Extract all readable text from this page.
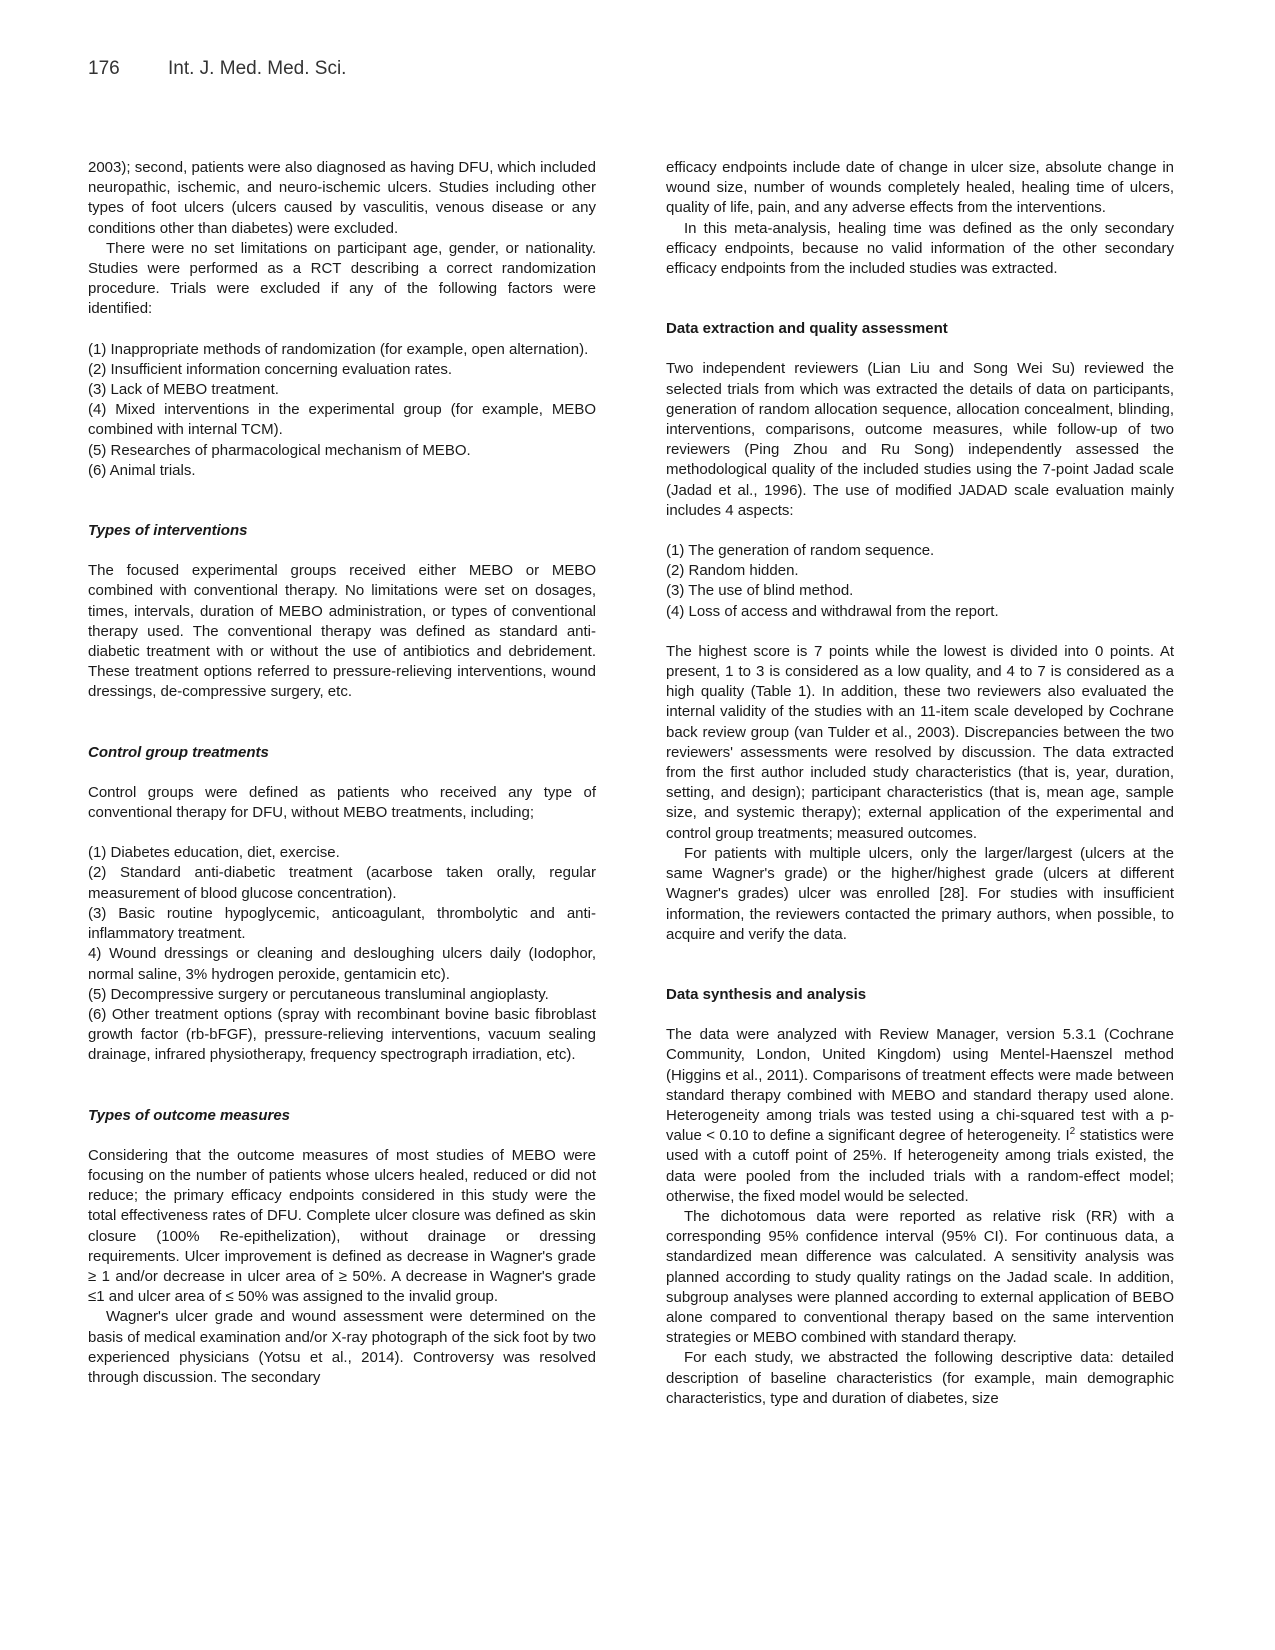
176	Int. J. Med. Med. Sci.

2003); second, patients were also diagnosed as having DFU, which included neuropathic, ischemic, and neuro-ischemic ulcers. Studies including other types of foot ulcers (ulcers caused by vasculitis, venous disease or any conditions other than diabetes) were excluded.

There were no set limitations on participant age, gender, or nationality. Studies were performed as a RCT describing a correct randomization procedure. Trials were excluded if any of the following factors were identified:

(1) Inappropriate methods of randomization (for example, open alternation).

(2) Insufficient information concerning evaluation rates.

(3) Lack of MEBO treatment.

(4) Mixed interventions in the experimental group (for example, MEBO combined with internal TCM).

(5) Researches of pharmacological mechanism of MEBO.

(6) Animal trials.

Types of interventions

The focused experimental groups received either MEBO or MEBO combined with conventional therapy. No limitations were set on dosages, times, intervals, duration of MEBO administration, or types of conventional therapy used. The conventional therapy was defined as standard anti-diabetic treatment with or without the use of antibiotics and debridement. These treatment options referred to pressure-relieving interventions, wound dressings, de-compressive surgery, etc.

Control group treatments

Control groups were defined as patients who received any type of conventional therapy for DFU, without MEBO treatments, including;

(1) Diabetes education, diet, exercise.

(2) Standard anti-diabetic treatment (acarbose taken orally, regular measurement of blood glucose concentration).

(3) Basic routine hypoglycemic, anticoagulant, thrombolytic and anti-inflammatory treatment.

4) Wound dressings or cleaning and desloughing ulcers daily (Iodophor, normal saline, 3% hydrogen peroxide, gentamicin etc).

(5) Decompressive surgery or percutaneous transluminal angioplasty.

(6) Other treatment options (spray with recombinant bovine basic fibroblast growth factor (rb-bFGF), pressure-relieving interventions, vacuum sealing drainage, infrared physiotherapy, frequency spectrograph irradiation, etc).

Types of outcome measures

Considering that the outcome measures of most studies of MEBO were focusing on the number of patients whose ulcers healed, reduced or did not reduce; the primary efficacy endpoints considered in this study were the total effectiveness rates of DFU. Complete ulcer closure was defined as skin closure (100% Re-epithelization), without drainage or dressing requirements. Ulcer improvement is defined as decrease in Wagner's grade ≥ 1 and/or decrease in ulcer area of ≥ 50%. A decrease in Wagner's grade ≤1 and ulcer area of ≤ 50% was assigned to the invalid group.

Wagner's ulcer grade and wound assessment were determined on the basis of medical examination and/or X-ray photograph of the sick foot by two experienced physicians (Yotsu et al., 2014). Controversy was resolved through discussion. The secondary

efficacy endpoints include date of change in ulcer size, absolute change in wound size, number of wounds completely healed, healing time of ulcers, quality of life, pain, and any adverse effects from the interventions.

In this meta-analysis, healing time was defined as the only secondary efficacy endpoints, because no valid information of the other secondary efficacy endpoints from the included studies was extracted.

Data extraction and quality assessment

Two independent reviewers (Lian Liu and Song Wei Su) reviewed the selected trials from which was extracted the details of data on participants, generation of random allocation sequence, allocation concealment, blinding, interventions, comparisons, outcome measures, while follow-up of two reviewers (Ping Zhou and Ru Song) independently assessed the methodological quality of the included studies using the 7-point Jadad scale (Jadad et al., 1996). The use of modified JADAD scale evaluation mainly includes 4 aspects:

(1) The generation of random sequence.

(2) Random hidden.

(3) The use of blind method.

(4) Loss of access and withdrawal from the report.

The highest score is 7 points while the lowest is divided into 0 points. At present, 1 to 3 is considered as a low quality, and 4 to 7 is considered as a high quality (Table 1). In addition, these two reviewers also evaluated the internal validity of the studies with an 11-item scale developed by Cochrane back review group (van Tulder et al., 2003). Discrepancies between the two reviewers' assessments were resolved by discussion. The data extracted from the first author included study characteristics (that is, year, duration, setting, and design); participant characteristics (that is, mean age, sample size, and systemic therapy); external application of the experimental and control group treatments; measured outcomes.

For patients with multiple ulcers, only the larger/largest (ulcers at the same Wagner's grade) or the higher/highest grade (ulcers at different Wagner's grades) ulcer was enrolled [28]. For studies with insufficient information, the reviewers contacted the primary authors, when possible, to acquire and verify the data.

Data synthesis and analysis

The data were analyzed with Review Manager, version 5.3.1 (Cochrane Community, London, United Kingdom) using Mentel-Haenszel method (Higgins et al., 2011). Comparisons of treatment effects were made between standard therapy combined with MEBO and standard therapy used alone. Heterogeneity among trials was tested using a chi-squared test with a p-value < 0.10 to define a significant degree of heterogeneity. $I^2$ statistics were used with a cutoff point of 25%. If heterogeneity among trials existed, the data were pooled from the included trials with a random-effect model; otherwise, the fixed model would be selected.

The dichotomous data were reported as relative risk (RR) with a corresponding 95% confidence interval (95% CI). For continuous data, a standardized mean difference was calculated. A sensitivity analysis was planned according to study quality ratings on the Jadad scale. In addition, subgroup analyses were planned according to external application of BEBO alone compared to conventional therapy based on the same intervention strategies or MEBO combined with standard therapy.

For each study, we abstracted the following descriptive data: detailed description of baseline characteristics (for example, main demographic characteristics, type and duration of diabetes, size
